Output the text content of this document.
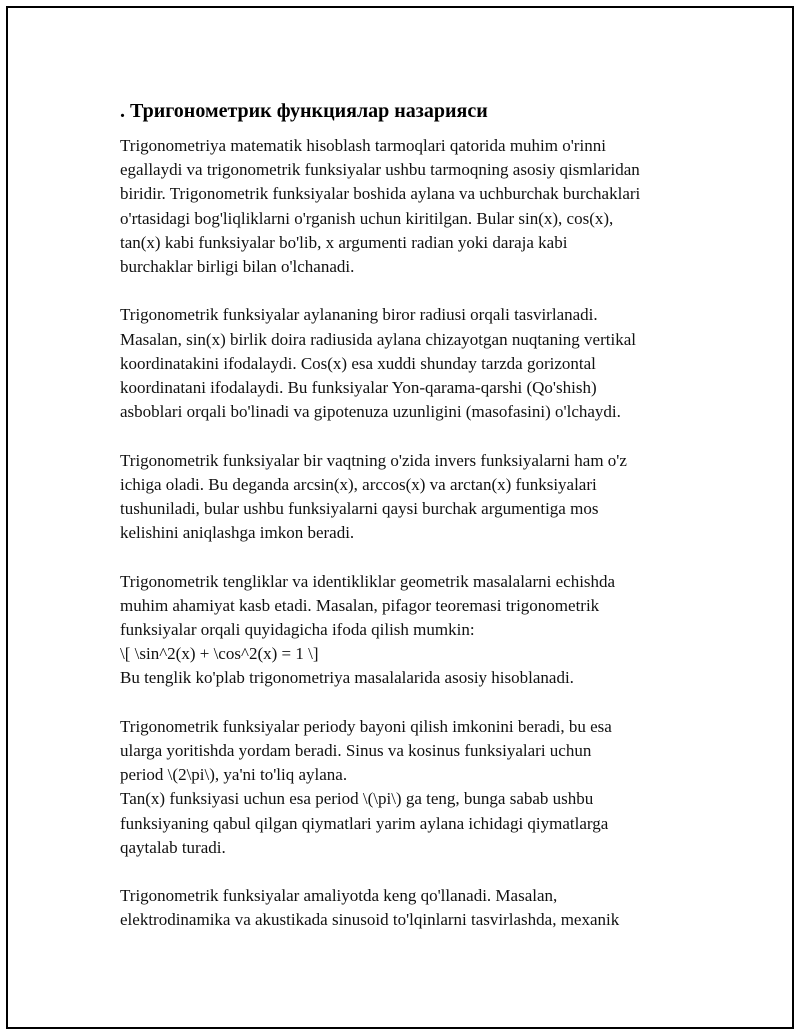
. Тригонометрик функциялар назарияси

Trigonometriya matematik hisoblash tarmoqlari qatorida muhim o'rinni
egallaydi va trigonometrik funksiyalar ushbu tarmoqning asosiy qismlaridan
biridir. Trigonometrik funksiyalar boshida aylana va uchburchak burchaklari
o'rtasidagi bog'liqliklarni o'rganish uchun kiritilgan. Bular sin(x), cos(x),
tan(x) kabi funksiyalar bo'lib, x argumenti radian yoki daraja kabi
burchaklar birligi bilan o'lchanadi.

Trigonometrik funksiyalar aylananing biror radiusi orqali tasvirlanadi.
Masalan, sin(x) birlik doira radiusida aylana chizayotgan nuqtaning vertikal
koordinatakini ifodalaydi. Cos(x) esa xuddi shunday tarzda gorizontal
koordinatani ifodalaydi. Bu funksiyalar Yon-qarama-qarshi (Qo'shish)
asboblari orqali bo'linadi va gipotenuza uzunligini (masofasini) o'lchaydi.

Trigonometrik funksiyalar bir vaqtning o'zida invers funksiyalarni ham o'z
ichiga oladi. Bu deganda arcsin(x), arccos(x) va arctan(x) funksiyalari
tushuniladi, bular ushbu funksiyalarni qaysi burchak argumentiga mos
kelishini aniqlashga imkon beradi.

Trigonometrik tengliklar va identikliklar geometrik masalalarni echishda
muhim ahamiyat kasb etadi. Masalan, pifagor teoremasi trigonometrik
funksiyalar orqali quyidagicha ifoda qilish mumkin:
\[ \sin^2(x) + \cos^2(x) = 1 \]
Bu tenglik ko'plab trigonometriya masalalarida asosiy hisoblanadi.

Trigonometrik funksiyalar periody bayoni qilish imkonini beradi, bu esa
ularga yoritishda yordam beradi. Sinus va kosinus funksiyalari uchun
period \(2\pi\), ya'ni to'liq aylana.
Tan(x) funksiyasi uchun esa period \(\pi\) ga teng, bunga sabab ushbu
funksiyaning qabul qilgan qiymatlari yarim aylana ichidagi qiymatlarga
qaytalab turadi.

Trigonometrik funksiyalar amaliyotda keng qo'llanadi. Masalan,
elektrodinamika va akustikada sinusoid to'lqinlarni tasvirlashda, mexanik
